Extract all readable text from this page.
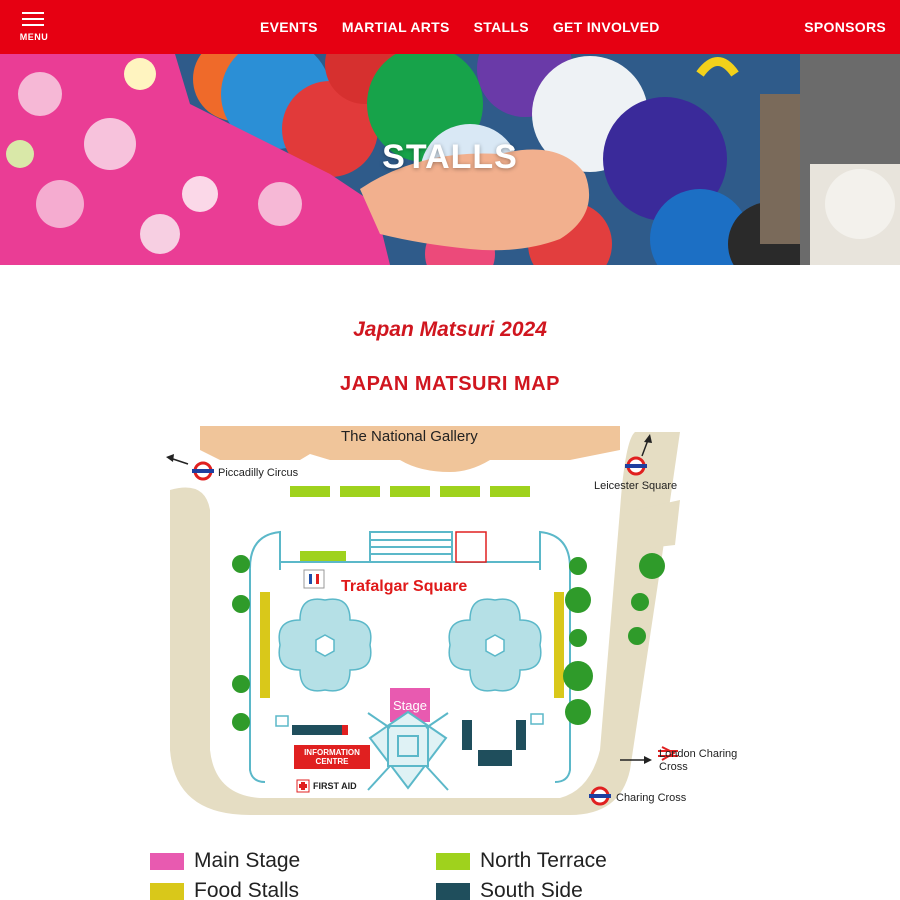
MENU
EVENTS MARTIAL ARTS STALLS GET INVOLVED	SPONSORS
STALLS
Japan Matsuri 2024
JAPAN MATSURI MAP
The National Gallery
Piccadilly Circus
Leicester Square
Trafalgar Square
Stage
INFORMATION CENTRE
FIRST AID
London Charing Cross
Charing Cross
Main Stage	North Terrace
Food Stalls	South Side
